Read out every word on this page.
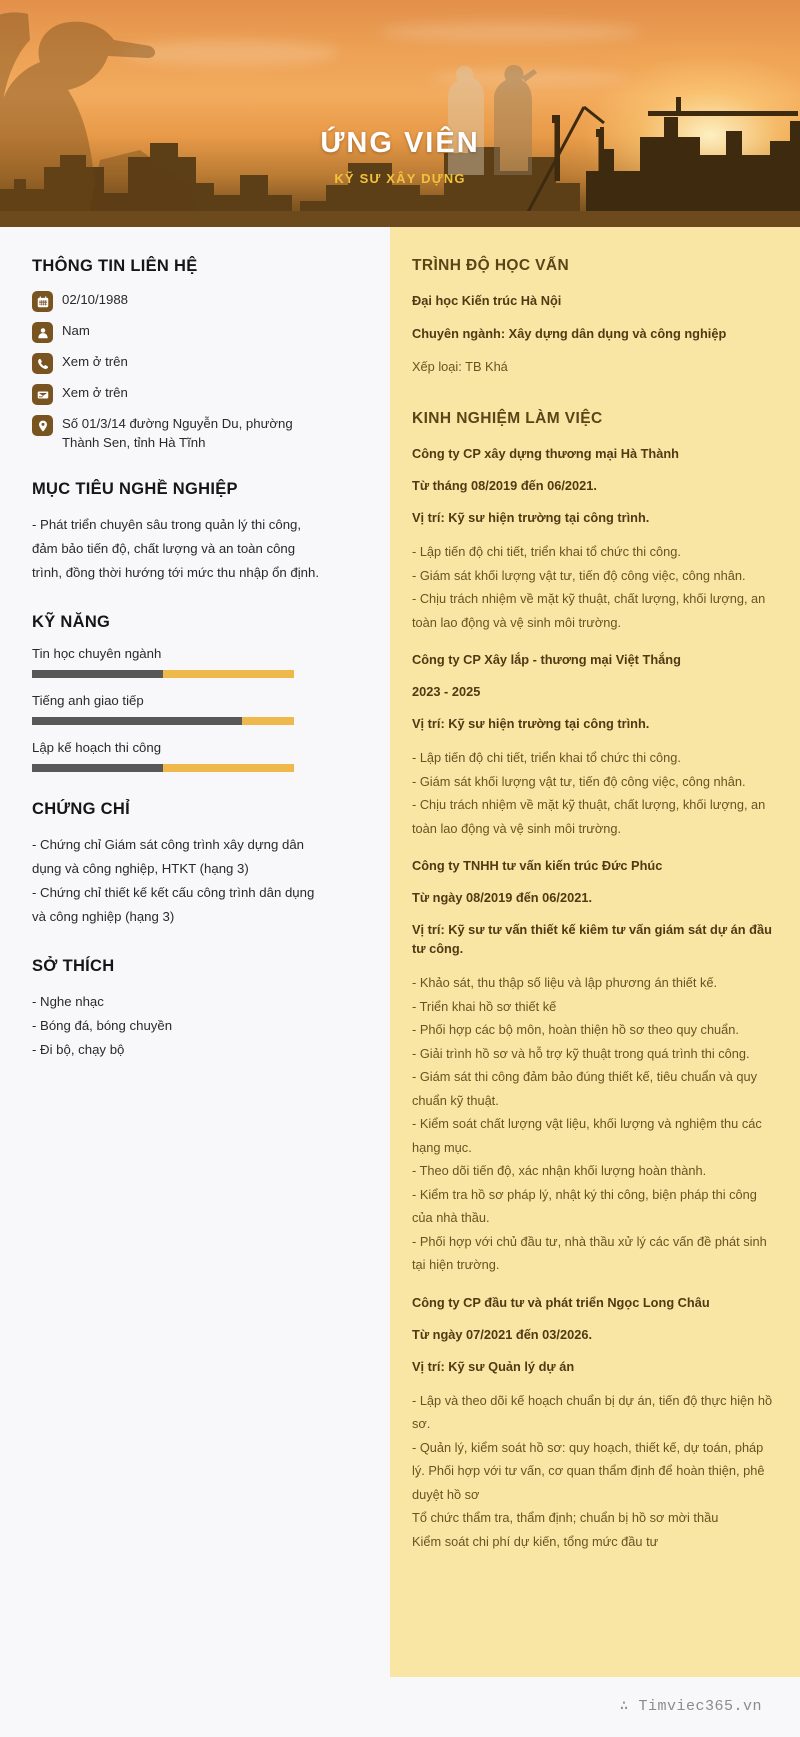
ỨNG VIÊN
KỸ SƯ XÂY DỰNG
THÔNG TIN LIÊN HỆ
02/10/1988
Nam
Xem ở trên
Xem ở trên
Số 01/3/14 đường Nguyễn Du, phường Thành Sen, tỉnh Hà Tĩnh
MỤC TIÊU NGHỀ NGHIỆP

- Phát triển chuyên sâu trong quản lý thi công, đảm bảo tiến độ, chất lượng và an toàn công trình, đồng thời hướng tới mức thu nhập ổn định.

KỸ NĂNG
Tin học chuyên ngành
Tiếng anh giao tiếp
Lập kế hoạch thi công
CHỨNG CHỈ
- Chứng chỉ Giám sát công trình xây dựng dân dụng và công nghiệp, HTKT (hạng 3)
- Chứng chỉ thiết kế kết cấu công trình dân dụng và công nghiệp (hạng 3)
SỞ THÍCH
- Nghe nhạc
- Bóng đá, bóng chuyền
- Đi bộ, chạy bộ
TRÌNH ĐỘ HỌC VẤN
Đại học Kiến trúc Hà Nội
Chuyên ngành: Xây dựng dân dụng và công nghiệp
Xếp loại: TB Khá
KINH NGHIỆM LÀM VIỆC
Công ty CP xây dựng thương mại Hà Thành
Từ tháng 08/2019 đến 06/2021.
Vị trí: Kỹ sư hiện trường tại công trình.
- Lập tiến độ chi tiết, triển khai tổ chức thi công.
- Giám sát khối lượng vật tư, tiến độ công việc, công nhân.
- Chịu trách nhiệm về mặt kỹ thuật, chất lượng, khối lượng, an toàn lao động và vệ sinh môi trường.
Công ty CP Xây lắp - thương mại Việt Thắng
2023 - 2025
Vị trí: Kỹ sư hiện trường tại công trình.
- Lập tiến độ chi tiết, triển khai tổ chức thi công.
- Giám sát khối lượng vật tư, tiến độ công việc, công nhân.
- Chịu trách nhiệm về mặt kỹ thuật, chất lượng, khối lượng, an toàn lao động và vệ sinh môi trường.
Công ty TNHH tư vấn kiến trúc Đức Phúc
Từ ngày 08/2019 đến 06/2021.
Vị trí: Kỹ sư tư vấn thiết kế kiêm tư vấn giám sát dự án đầu tư công.
- Khảo sát, thu thập số liệu và lập phương án thiết kế.
- Triển khai hồ sơ thiết kế
- Phối hợp các bộ môn, hoàn thiện hồ sơ theo quy chuẩn.
- Giải trình hồ sơ và hỗ trợ kỹ thuật trong quá trình thi công.
- Giám sát thi công đảm bảo đúng thiết kế, tiêu chuẩn và quy chuẩn kỹ thuật.
- Kiểm soát chất lượng vật liệu, khối lượng và nghiệm thu các hạng mục.
- Theo dõi tiến độ, xác nhận khối lượng hoàn thành.
- Kiểm tra hồ sơ pháp lý, nhật ký thi công, biện pháp thi công của nhà thầu.
- Phối hợp với chủ đầu tư, nhà thầu xử lý các vấn đề phát sinh tại hiện trường.
Công ty CP đầu tư và phát triển Ngọc Long Châu
Từ ngày 07/2021 đến 03/2026.
Vị trí: Kỹ sư Quản lý dự án
- Lập và theo dõi kế hoạch chuẩn bị dự án, tiến độ thực hiện hồ sơ.
- Quản lý, kiểm soát hồ sơ: quy hoạch, thiết kế, dự toán, pháp lý. Phối hợp với tư vấn, cơ quan thẩm định để hoàn thiện, phê duyệt hồ sơ
Tổ chức thẩm tra, thẩm định; chuẩn bị hồ sơ mời thầu
Kiểm soát chi phí dự kiến, tổng mức đầu tư
∴ Timviec365.vn
